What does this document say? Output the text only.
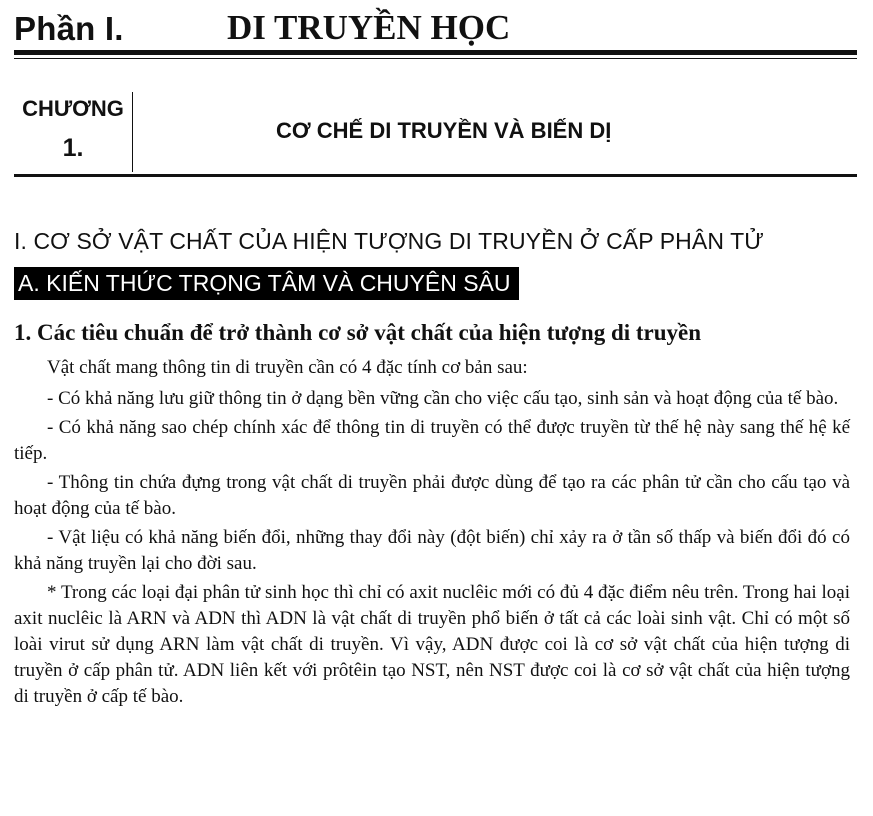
Phần I.	DI TRUYỀN HỌC
CHƯƠNG
1.
CƠ CHẾ DI TRUYỀN VÀ BIẾN DỊ
I. CƠ SỞ VẬT CHẤT CỦA HIỆN TƯỢNG DI TRUYỀN Ở CẤP PHÂN TỬ
A. KIẾN THỨC TRỌNG TÂM VÀ CHUYÊN SÂU
1. Các tiêu chuẩn để trở thành cơ sở vật chất của hiện tượng di truyền

Vật chất mang thông tin di truyền cần có 4 đặc tính cơ bản sau:

- Có khả năng lưu giữ thông tin ở dạng bền vững cần cho việc cấu tạo, sinh sản và hoạt động của tế bào.

- Có khả năng sao chép chính xác để thông tin di truyền có thể được truyền từ thế hệ này sang thế hệ kế tiếp.

- Thông tin chứa đựng trong vật chất di truyền phải được dùng để tạo ra các phân tử cần cho cấu tạo và hoạt động của tế bào.

- Vật liệu có khả năng biến đổi, những thay đổi này (đột biến) chỉ xảy ra ở tần số thấp và biến đổi đó có khả năng truyền lại cho đời sau.

* Trong các loại đại phân tử sinh học thì chỉ có axit nuclêic mới có đủ 4 đặc điểm nêu trên. Trong hai loại axit nuclêic là ARN và ADN thì ADN là vật chất di truyền phổ biến ở tất cả các loài sinh vật. Chỉ có một số loài virut sử dụng ARN làm vật chất di truyền. Vì vậy, ADN được coi là cơ sở vật chất của hiện tượng di truyền ở cấp phân tử. ADN liên kết với prôtêin tạo NST, nên NST được coi là cơ sở vật chất của hiện tượng di truyền ở cấp tế bào.
